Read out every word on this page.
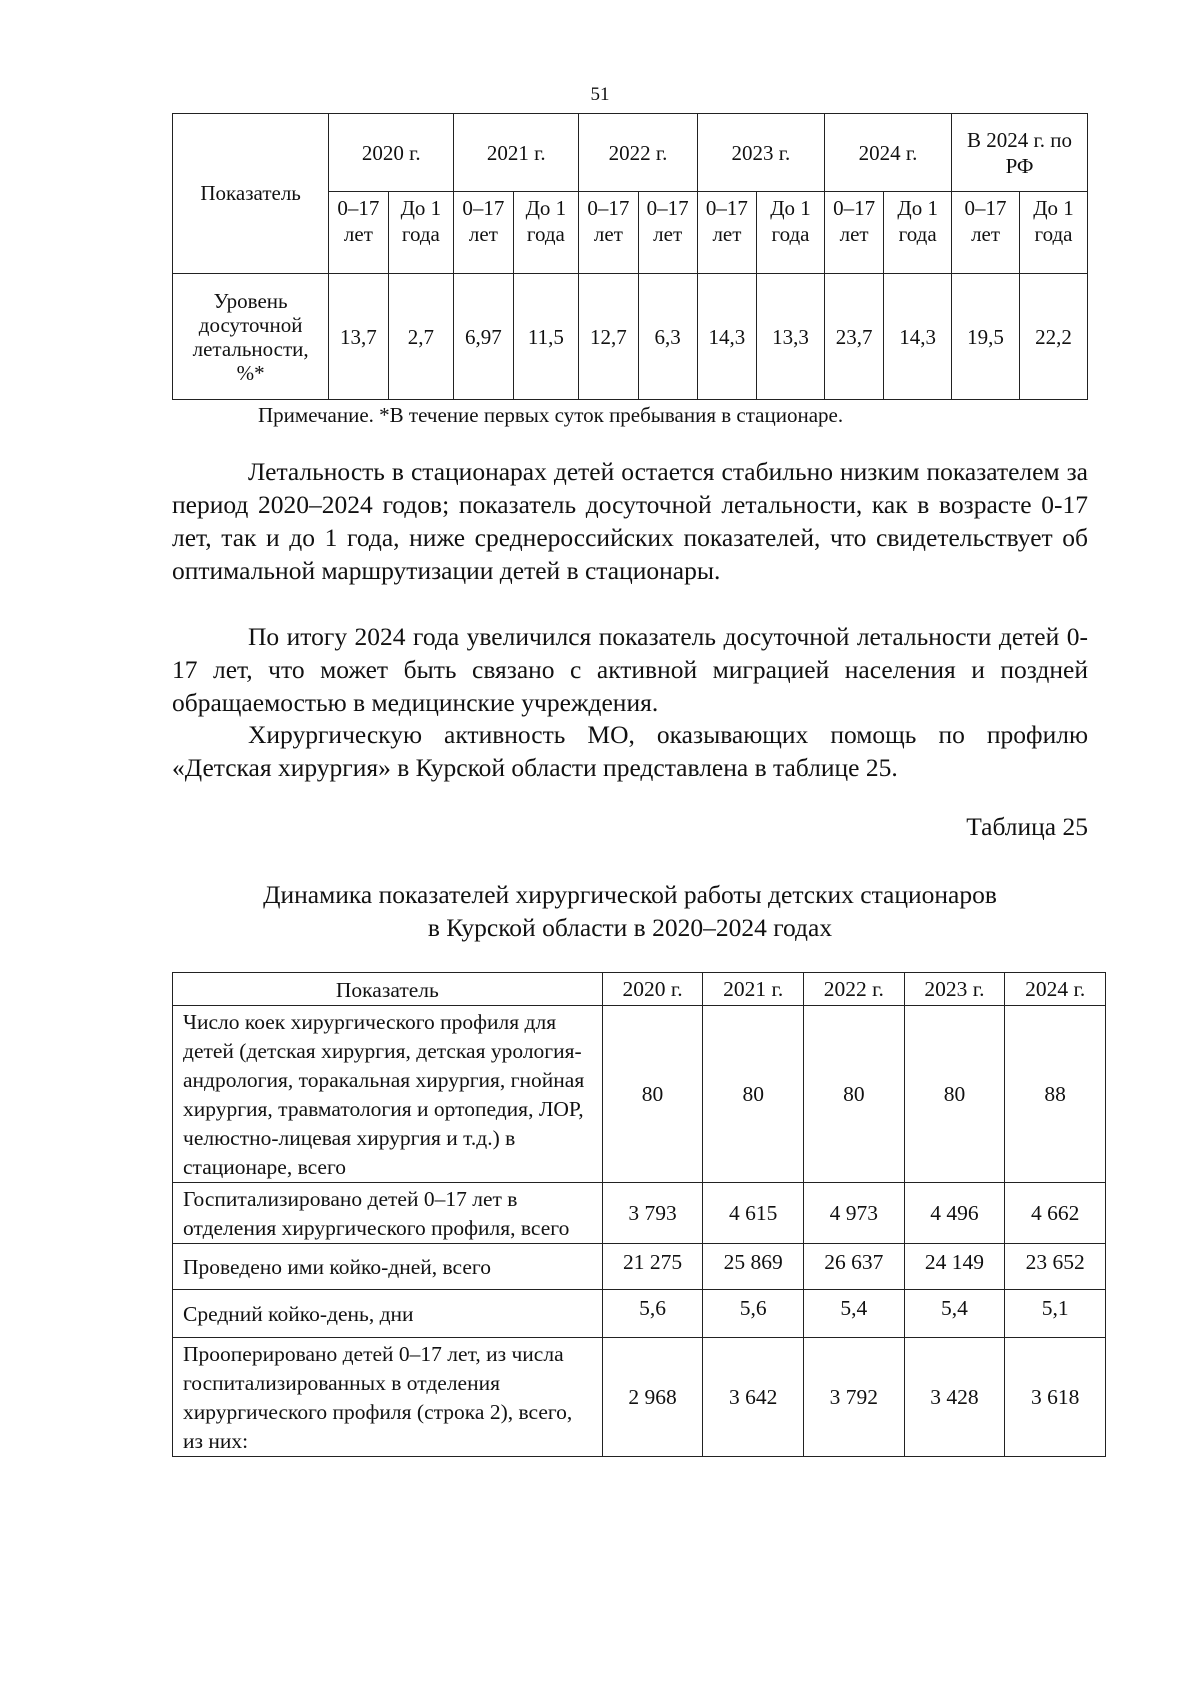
51
Показатель	2020 г.		2021 г.		2022 г.		2023 г.		2024 г.		В 2024 г. по РФ	
	0–17 лет	До 1 года	0–17 лет	До 1 года	0–17 лет	0–17 лет	0–17 лет	До 1 года	0–17 лет	До 1 года	0–17 лет	До 1 года
Уровень досуточной летальности, %*	13,7	2,7	6,97	11,5	12,7	6,3	14,3	13,3	23,7	14,3	19,5	22,2
Примечание. *В течение первых суток пребывания в стационаре.

Летальность в стационарах детей остается стабильно низким показателем за период 2020–2024 годов; показатель досуточной летальности, как в возрасте 0-17 лет, так и до 1 года, ниже среднероссийских показателей, что свидетельствует об оптимальной маршрутизации детей в стационары.

По итогу 2024 года увеличился показатель досуточной летальности детей 0-17 лет, что может быть связано с активной миграцией населения и поздней обращаемостью в медицинские учреждения.

Хирургическую активность МО, оказывающих помощь по профилю «Детская хирургия» в Курской области представлена в таблице 25.

Таблица 25
Динамика показателей хирургической работы детских стационаров
в Курской области в 2020–2024 годах
Показатель	2020 г.	2021 г.	2022 г.	2023 г.	2024 г.
Число коек хирургического профиля для детей (детская хирургия, детская урология-андрология, торакальная хирургия, гнойная хирургия, травматология и ортопедия, ЛОР, челюстно-лицевая хирургия и т.д.) в стационаре, всего	80	80	80	80	88
Госпитализировано детей 0–17 лет в отделения хирургического профиля, всего	3 793	4 615	4 973	4 496	4 662
Проведено ими койко-дней, всего	21 275	25 869	26 637	24 149	23 652
Средний койко-день, дни	5,6	5,6	5,4	5,4	5,1
Прооперировано детей 0–17 лет, из числа госпитализированных в отделения хирургического профиля (строка 2), всего, из них:	2 968	3 642	3 792	3 428	3 618
